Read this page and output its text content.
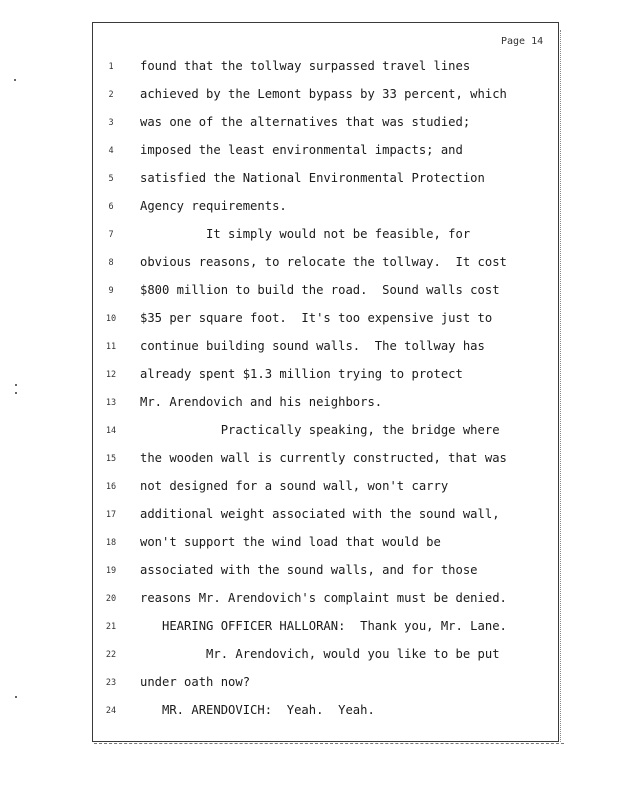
Page 14
1	found that the tollway surpassed travel lines
2	achieved by the Lemont bypass by 33 percent, which
3	was one of the alternatives that was studied;
4	imposed the least environmental impacts; and
5	satisfied the National Environmental Protection
6	Agency requirements.
7	It simply would not be feasible, for
8	obvious reasons, to relocate the tollway.  It cost
9	$800 million to build the road.  Sound walls cost
10	$35 per square foot.  It's too expensive just to
11	continue building sound walls.  The tollway has
12	already spent $1.3 million trying to protect
13	Mr. Arendovich and his neighbors.
14	Practically speaking, the bridge where
15	the wooden wall is currently constructed, that was
16	not designed for a sound wall, won't carry
17	additional weight associated with the sound wall,
18	won't support the wind load that would be
19	associated with the sound walls, and for those
20	reasons Mr. Arendovich's complaint must be denied.
21	HEARING OFFICER HALLORAN:  Thank you, Mr. Lane.
22	Mr. Arendovich, would you like to be put
23	under oath now?
24	MR. ARENDOVICH:  Yeah.  Yeah.
